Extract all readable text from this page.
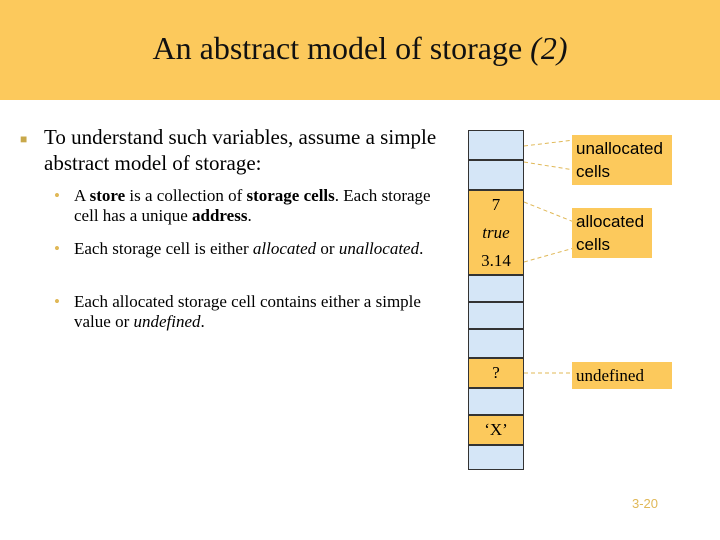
An abstract model of storage (2)
■ To understand such variables, assume a simple abstract model of storage:
• A store is a collection of storage cells. Each storage cell has a unique address.
• Each storage cell is either allocated or unallocated.
• Each allocated storage cell contains either a simple value or undefined.
7
true
3.14
?
‘X’
unallocated cells
allocated cells
undefined
3-20
